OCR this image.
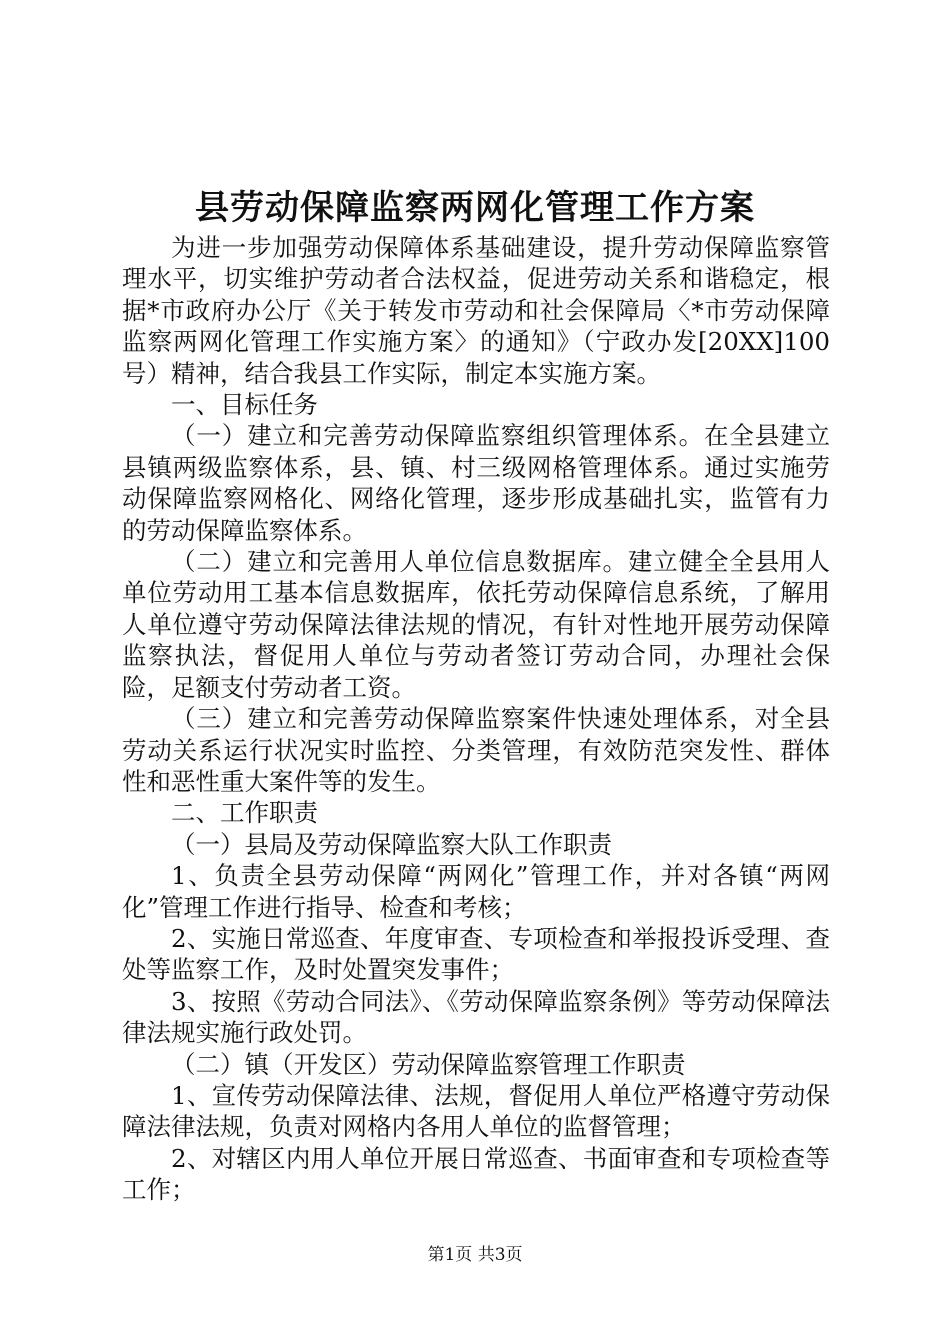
县劳动保障监察两网化管理工作方案

为进一步加强劳动保障体系基础建设，提升劳动保障监察管理水平，切实维护劳动者合法权益，促进劳动关系和谐稳定，根据*市政府办公厅《关于转发市劳动和社会保障局〈*市劳动保障监察两网化管理工作实施方案〉的通知》（宁政办发[20XX]100号）精神，结合我县工作实际，制定本实施方案。

一、目标任务

（一）建立和完善劳动保障监察组织管理体系。在全县建立县镇两级监察体系，县、镇、村三级网格管理体系。通过实施劳动保障监察网格化、网络化管理，逐步形成基础扎实，监管有力的劳动保障监察体系。

（二）建立和完善用人单位信息数据库。建立健全全县用人单位劳动用工基本信息数据库，依托劳动保障信息系统，了解用人单位遵守劳动保障法律法规的情况，有针对性地开展劳动保障监察执法，督促用人单位与劳动者签订劳动合同，办理社会保险，足额支付劳动者工资。

（三）建立和完善劳动保障监察案件快速处理体系，对全县劳动关系运行状况实时监控、分类管理，有效防范突发性、群体性和恶性重大案件等的发生。

二、工作职责

（一）县局及劳动保障监察大队工作职责

1、负责全县劳动保障“两网化”管理工作，并对各镇“两网化”管理工作进行指导、检查和考核；

2、实施日常巡查、年度审查、专项检查和举报投诉受理、查处等监察工作，及时处置突发事件；

3、按照《劳动合同法》、《劳动保障监察条例》等劳动保障法律法规实施行政处罚。

（二）镇（开发区）劳动保障监察管理工作职责

1、宣传劳动保障法律、法规，督促用人单位严格遵守劳动保障法律法规，负责对网格内各用人单位的监督管理；

2、对辖区内用人单位开展日常巡查、书面审查和专项检查等工作；

第1页 共3页
